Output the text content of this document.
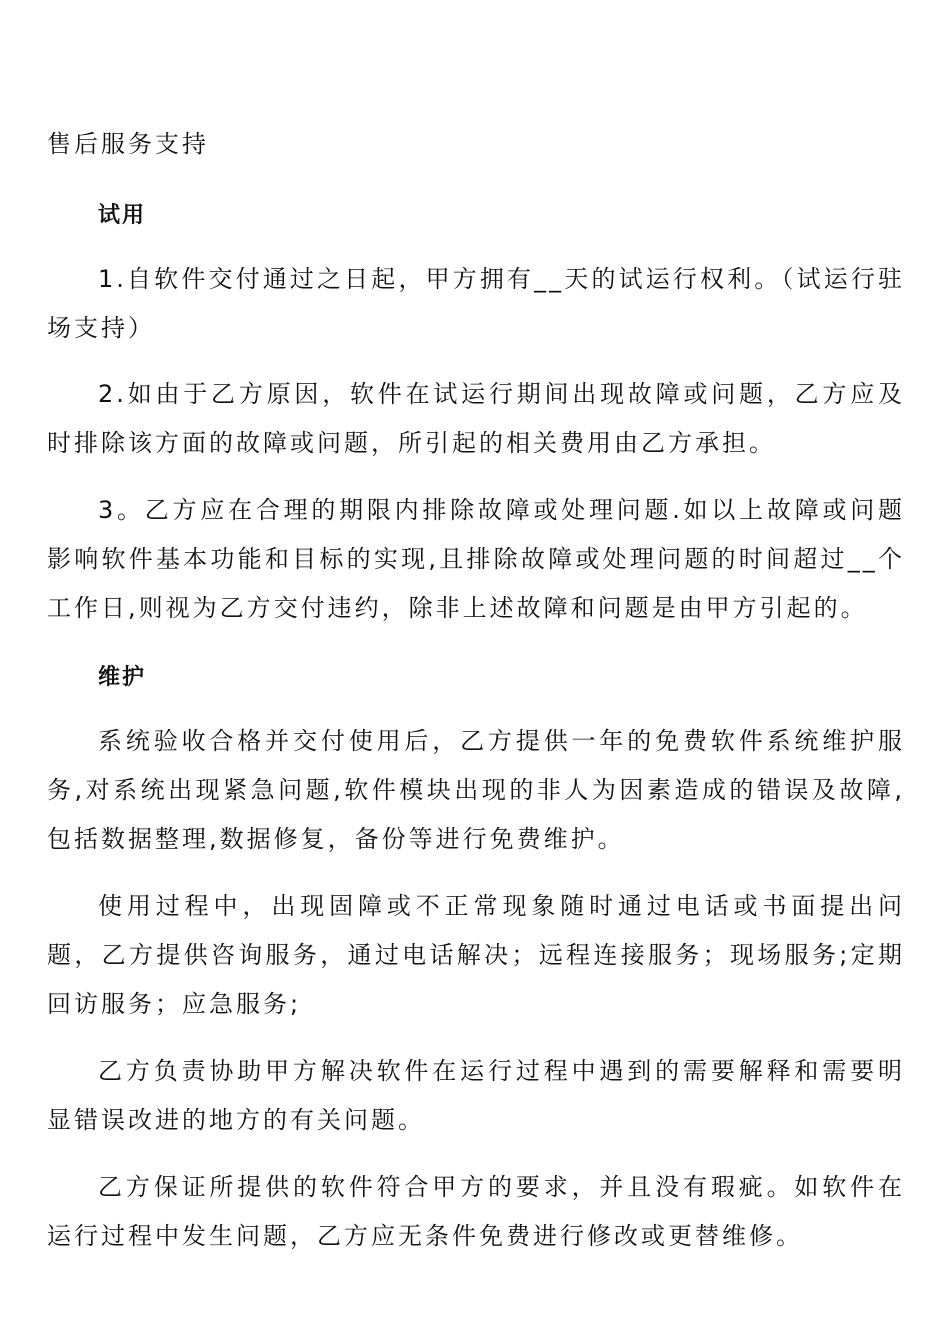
售后服务支持

试用

1.自软件交付通过之日起，甲方拥有__天的试运行权利。（试运行驻场支持）

2.如由于乙方原因，软件在试运行期间出现故障或问题，乙方应及时排除该方面的故障或问题，所引起的相关费用由乙方承担。

3。乙方应在合理的期限内排除故障或处理问题.如以上故障或问题影响软件基本功能和目标的实现,且排除故障或处理问题的时间超过__个工作日,则视为乙方交付违约，除非上述故障和问题是由甲方引起的。

维护

系统验收合格并交付使用后，乙方提供一年的免费软件系统维护服务,对系统出现紧急问题,软件模块出现的非人为因素造成的错误及故障,包括数据整理,数据修复，备份等进行免费维护。

使用过程中，出现固障或不正常现象随时通过电话或书面提出问题，乙方提供咨询服务，通过电话解决；远程连接服务；现场服务;定期回访服务；应急服务;

乙方负责协助甲方解决软件在运行过程中遇到的需要解释和需要明显错误改进的地方的有关问题。

乙方保证所提供的软件符合甲方的要求，并且没有瑕疵。如软件在运行过程中发生问题，乙方应无条件免费进行修改或更替维修。
